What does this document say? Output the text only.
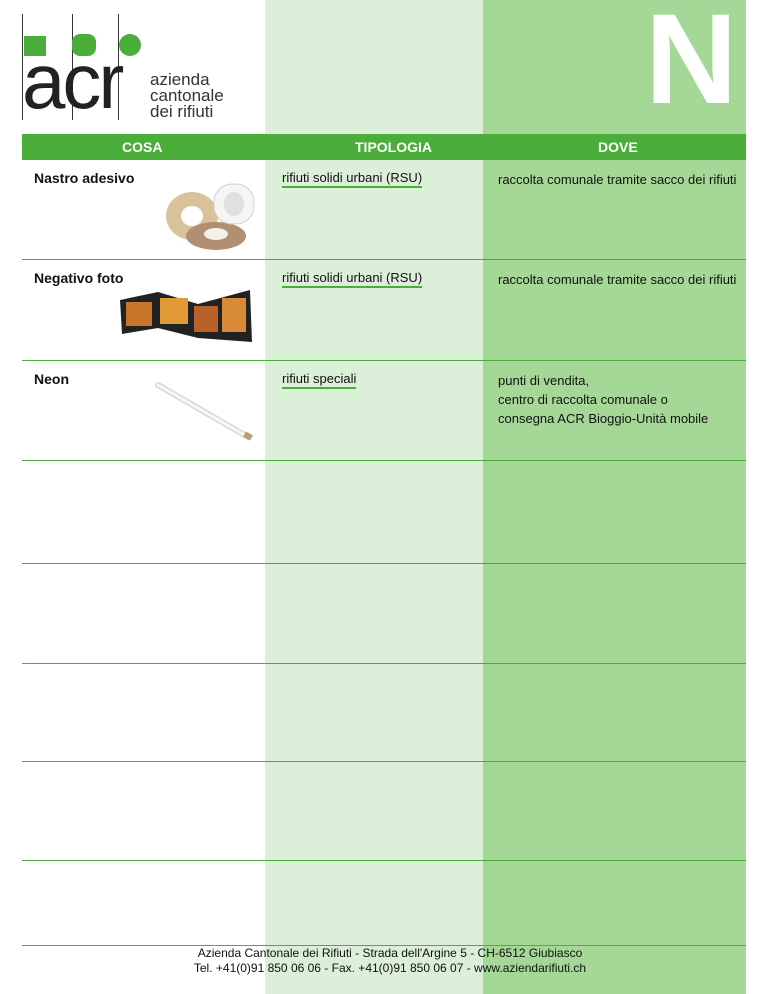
acr azienda
cantonale
dei rifiuti	N
COSA	TIPOLOGIA	DOVE
Nastro adesivo	rifiuti solidi urbani (RSU)	raccolta comunale tramite sacco dei rifiuti
Negativo foto	rifiuti solidi urbani (RSU)	raccolta comunale tramite sacco dei rifiuti
Neon	rifiuti speciali	punti di vendita,
centro di raccolta comunale o
consegna ACR Bioggio-Unità mobile
Azienda Cantonale dei Rifiuti - Strada dell'Argine 5 - CH-6512 Giubiasco
Tel. +41(0)91 850 06 06 - Fax. +41(0)91 850 06 07 - www.aziendarifiuti.ch
